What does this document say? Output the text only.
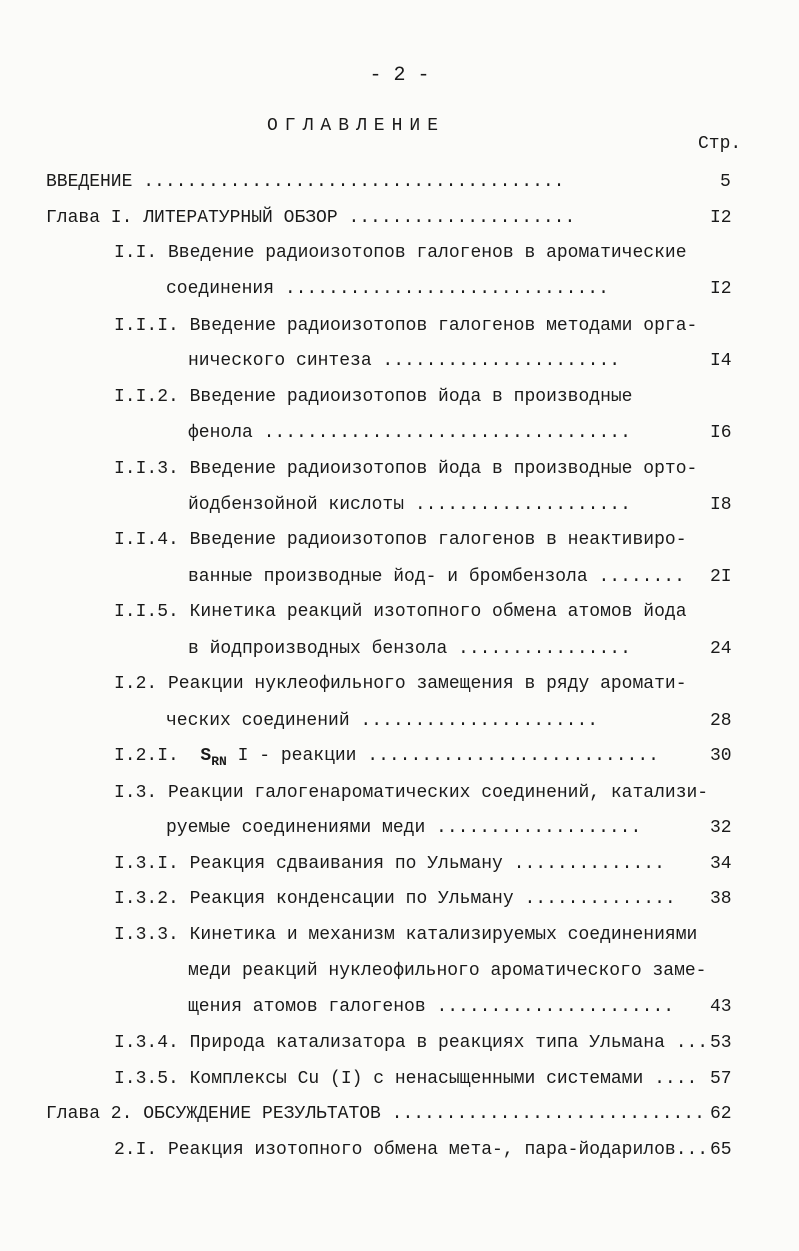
- 2 -
ОГЛАВЛЕНИЕ
Стр.
ВВЕДЕНИЕ .......................................	5
Глава I. ЛИТЕРАТУРНЫЙ ОБЗОР .....................	I2
I.I. Введение радиоизотопов галогенов в ароматические
соединения ..............................	I2
I.I.I. Введение радиоизотопов галогенов методами орга-
нического синтеза ......................	I4
I.I.2. Введение радиоизотопов йода в производные
фенола ..................................	I6
I.I.3. Введение радиоизотопов йода в производные орто-
йодбензойной кислоты ....................	I8
I.I.4. Введение радиоизотопов галогенов в неактивиро-
ванные производные йод- и бромбензола ........ 2I
I.I.5. Кинетика реакций изотопного обмена атомов йода
в йодпроизводных бензола ................	24
I.2. Реакции нуклеофильного замещения в ряду аромати-
ческих соединений ......................	28
I.2.I. $S_{RN}$ I - реакции ...........................	30
I.3. Реакции галогенароматических соединений, катализи-
руемые соединениями меди ...................	32
I.3.I. Реакция сдваивания по Ульману ..............	34
I.3.2. Реакция конденсации по Ульману .............. 38
I.3.3. Кинетика и механизм катализируемых соединениями
меди реакций нуклеофильного ароматического заме-
щения атомов галогенов ...................... 43
I.3.4. Природа катализатора в реакциях типа Ульмана ... 53
I.3.5. Комплексы Cu (I) с ненасыщенными системами .... 57
Глава 2. ОБСУЖДЕНИЕ РЕЗУЛЬТАТОВ ............................. 62
2.I. Реакция изотопного обмена мета-, пара-йодарилов... 65
